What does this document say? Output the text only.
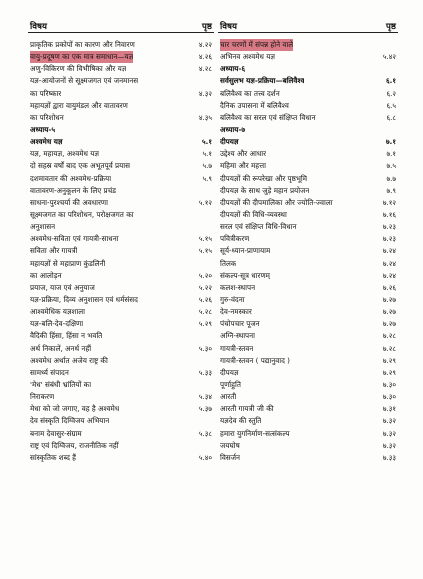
विषय	पृष्ठ
प्राकृतिक प्रकोपों का कारण और निवारण	४.२२
वायु-प्रदूषण का एक मात्र समाधान—यज्ञ	४.२६
अणु-विकिरण की विभीषिका और यज्ञ	४.२८
यज्ञ-आयोजनों से सूक्ष्मजगत एवं जनमानस
का परिष्कार	४.३२
महायज्ञों द्वारा वायुमंडल और वातावरण
का परिशोधन	४.३५
अध्याय-५
अश्वमेध यज्ञ	५.१
यज्ञ, महायज्ञ, अश्वमेध यज्ञ	५.१
दो सहस्र वर्षों बाद एक अभूतपूर्व प्रयास	५.७
दशमावतार की अश्वमेध-प्रक्रिया	५.९
वातावरण-अनुकूलन के लिए प्रचंड
साधना-पुरश्चर्या की अवधारणा	५.१२
सूक्ष्मजगत का परिशोधन, परोक्षजगत का
अनुशासन
अश्वमेध-सविता एवं गायत्री-साधना	५.१५
सविता और गायत्री	५.१५
महायज्ञों से महाप्राण कुंडलिनी
का आलोड़न	५.२०
प्रयाज, याज एवं अनुयाज	५.२२
यज्ञ-प्रक्रिया, दिव्य अनुशासन एवं धर्मसंसद	५.२६
आश्वमेधिक यज्ञशाला	५.२८
यज्ञ-बलि-देव-दक्षिणा	५.२९
वैदिकी हिंसा, हिंसा न भवति
अर्थ निकालें, अनर्थ नहीं	५.३०
अश्वमेध अर्थात अजेय राष्ट्र की
सामर्थ्य संपादन	५.३३
'मेध' संबंधी भ्रांतियों का
निराकरण	५.३४
मेधा को जो जगाए, वह है अश्वमेध	५.३७
देव संस्कृति दिग्विजय अभियान
बनाम देवासुर-संग्राम	५.३८
राष्ट्र एवं दिग्विजय, राजनीतिक नहीं
सांस्कृतिक शब्द हैं	५.४०
विषय	पृष्ठ
चार चरणों में संपन्न होने वाले
अभिनव अश्वमेध यज्ञ	५.४२
अध्याय-६
सर्वसुलभ यज्ञ-प्रक्रिया—बलिवैश्व	६.१
बलिवैश्व का तत्त्व दर्शन	६.२
दैनिक उपासना में बलिवैश्व	६.५
बलिवैश्व का सरल एवं संक्षिप्त विधान	६.८
अध्याय-७
दीपयज्ञ	७.१
उद्देश्य और आधार	७.१
महिमा और महत्ता	७.५
दीपयज्ञों की रूपरेखा और पृष्ठभूमि	७.७
दीपयज्ञ के साथ जुड़े महान प्रयोजन	७.९
दीपयज्ञों की दीपमालिका और ज्योति-ज्वाला	७.१२
दीपयज्ञों की विधि-व्यवस्था	७.१६
सरल एवं संक्षिप्त विधि-विधान	७.२३
पवित्रीकरण	७.२३
सूर्य-ध्यान-प्राणायाम	७.२४
तिलक	७.२४
संकल्प-सूत्र धारणम्	७.२४
कलश-स्थापन	७.२६
गुरु-वंदना	७.२७
देव-नमस्कार	७.२७
पंचोपचार पूजन	७.२७
अग्नि-स्थापना	७.२८
गायत्री-स्तवन	७.२८
गायत्री-स्तवन ( पद्यानुवाद )	७.२९
दीपयज्ञ	७.२९
पूर्णाहुति	७.३०
आरती	७.३०
आरती गायत्री जी की	७.३१
यज्ञदेव की स्तुति	७.३२
हमारा युगनिर्माण-सत्संकल्प	७.३२
जयघोष	७.३२
विसर्जन	७.३३
